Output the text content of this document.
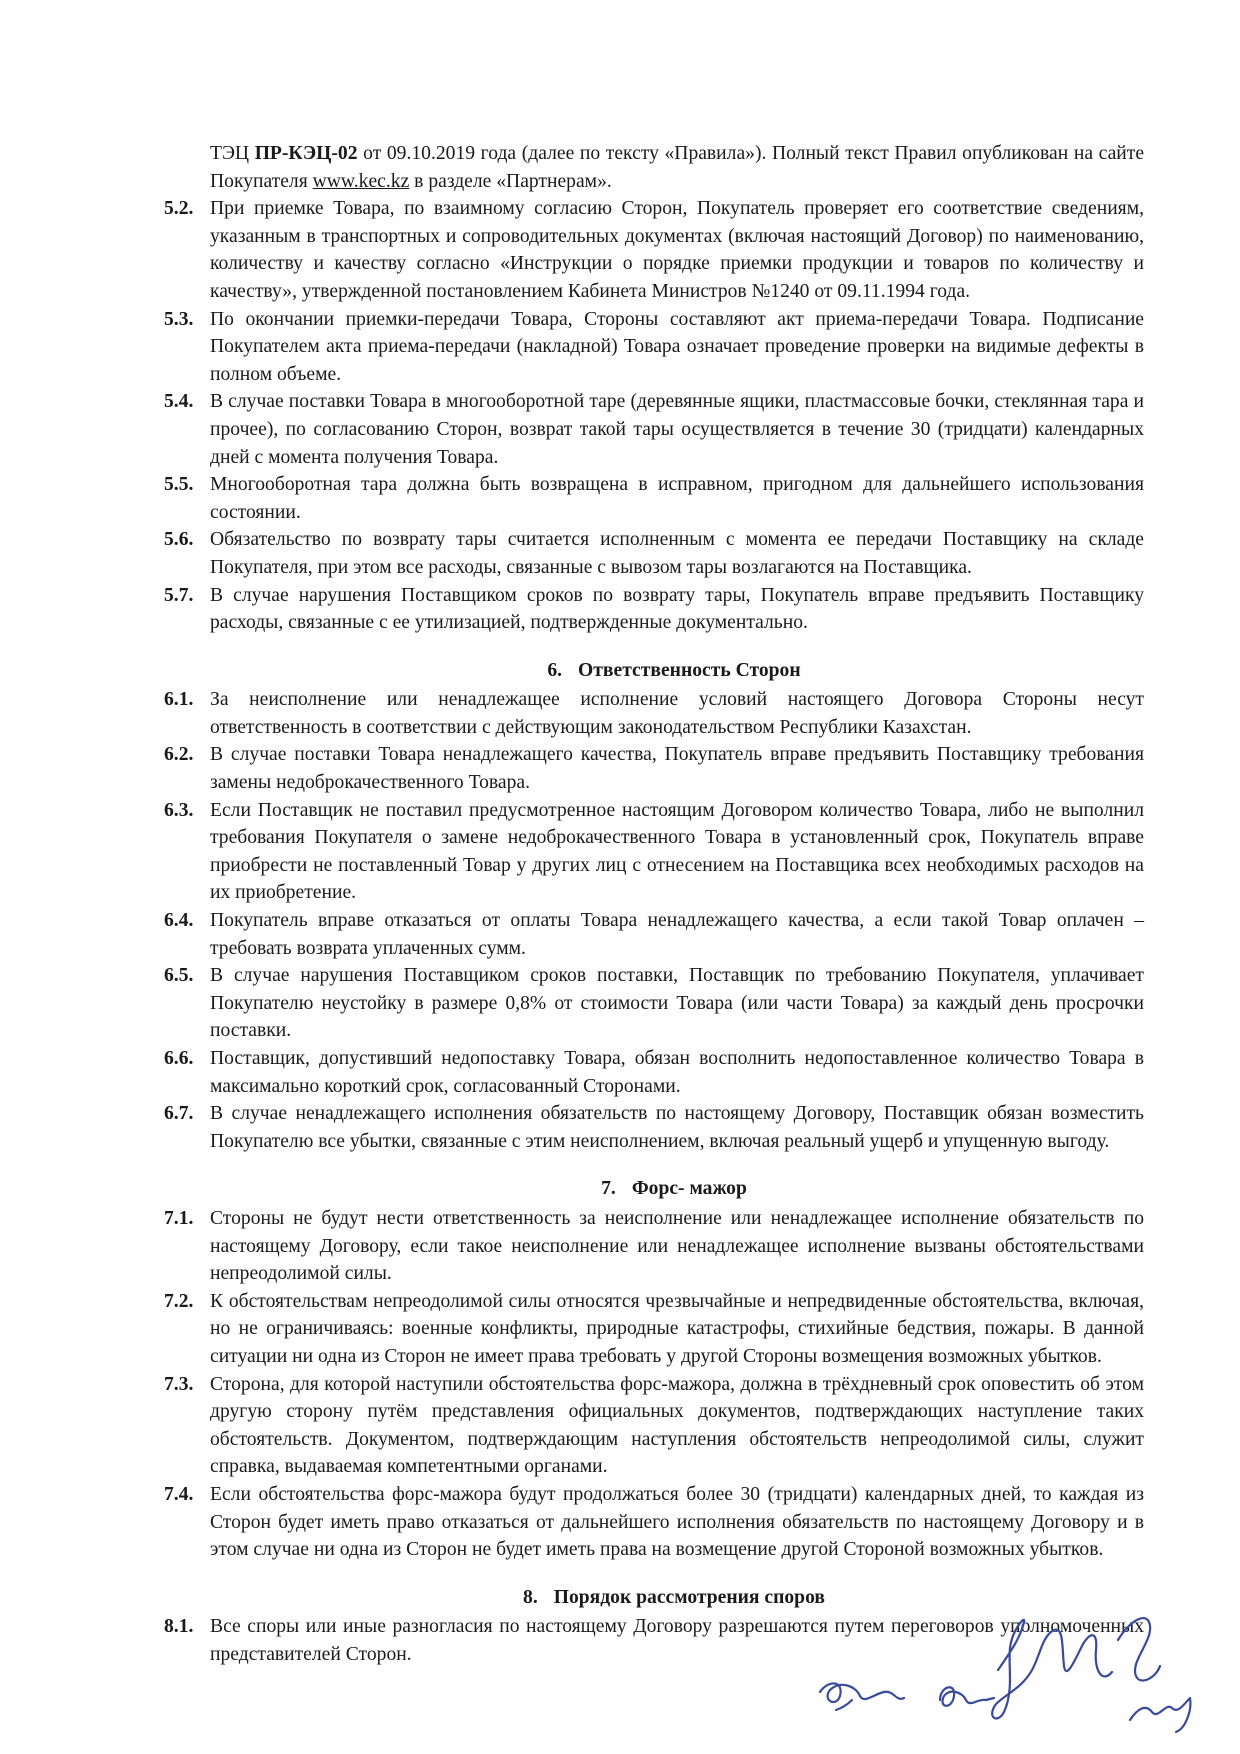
ТЭЦ ПР-КЭЦ-02 от 09.10.2019 года (далее по тексту «Правила»). Полный текст Правил опубликован на сайте Покупателя www.kec.kz в разделе «Партнерам».
5.2. При приемке Товара, по взаимному согласию Сторон, Покупатель проверяет его соответствие сведениям, указанным в транспортных и сопроводительных документах (включая настоящий Договор) по наименованию, количеству и качеству согласно «Инструкции о порядке приемки продукции и товаров по количеству и качеству», утвержденной постановлением Кабинета Министров №1240 от 09.11.1994 года.
5.3. По окончании приемки-передачи Товара, Стороны составляют акт приема-передачи Товара. Подписание Покупателем акта приема-передачи (накладной) Товара означает проведение проверки на видимые дефекты в полном объеме.
5.4. В случае поставки Товара в многооборотной таре (деревянные ящики, пластмассовые бочки, стеклянная тара и прочее), по согласованию Сторон, возврат такой тары осуществляется в течение 30 (тридцати) календарных дней с момента получения Товара.
5.5. Многооборотная тара должна быть возвращена в исправном, пригодном для дальнейшего использования состоянии.
5.6. Обязательство по возврату тары считается исполненным с момента ее передачи Поставщику на складе Покупателя, при этом все расходы, связанные с вывозом тары возлагаются на Поставщика.
5.7. В случае нарушения Поставщиком сроков по возврату тары, Покупатель вправе предъявить Поставщику расходы, связанные с ее утилизацией, подтвержденные документально.
6. Ответственность Сторон
6.1. За неисполнение или ненадлежащее исполнение условий настоящего Договора Стороны несут ответственность в соответствии с действующим законодательством Республики Казахстан.
6.2. В случае поставки Товара ненадлежащего качества, Покупатель вправе предъявить Поставщику требования замены недоброкачественного Товара.
6.3. Если Поставщик не поставил предусмотренное настоящим Договором количество Товара, либо не выполнил требования Покупателя о замене недоброкачественного Товара в установленный срок, Покупатель вправе приобрести не поставленный Товар у других лиц с отнесением на Поставщика всех необходимых расходов на их приобретение.
6.4. Покупатель вправе отказаться от оплаты Товара ненадлежащего качества, а если такой Товар оплачен – требовать возврата уплаченных сумм.
6.5. В случае нарушения Поставщиком сроков поставки, Поставщик по требованию Покупателя, уплачивает Покупателю неустойку в размере 0,8% от стоимости Товара (или части Товара) за каждый день просрочки поставки.
6.6. Поставщик, допустивший недопоставку Товара, обязан восполнить недопоставленное количество Товара в максимально короткий срок, согласованный Сторонами.
6.7. В случае ненадлежащего исполнения обязательств по настоящему Договору, Поставщик обязан возместить Покупателю все убытки, связанные с этим неисполнением, включая реальный ущерб и упущенную выгоду.
7. Форс- мажор
7.1. Стороны не будут нести ответственность за неисполнение или ненадлежащее исполнение обязательств по настоящему Договору, если такое неисполнение или ненадлежащее исполнение вызваны обстоятельствами непреодолимой силы.
7.2. К обстоятельствам непреодолимой силы относятся чрезвычайные и непредвиденные обстоятельства, включая, но не ограничиваясь: военные конфликты, природные катастрофы, стихийные бедствия, пожары. В данной ситуации ни одна из Сторон не имеет права требовать у другой Стороны возмещения возможных убытков.
7.3. Сторона, для которой наступили обстоятельства форс-мажора, должна в трёхдневный срок оповестить об этом другую сторону путём представления официальных документов, подтверждающих наступление таких обстоятельств. Документом, подтверждающим наступления обстоятельств непреодолимой силы, служит справка, выдаваемая компетентными органами.
7.4. Если обстоятельства форс-мажора будут продолжаться более 30 (тридцати) календарных дней, то каждая из Сторон будет иметь право отказаться от дальнейшего исполнения обязательств по настоящему Договору и в этом случае ни одна из Сторон не будет иметь права на возмещение другой Стороной возможных убытков.
8. Порядок рассмотрения споров
8.1. Все споры или иные разногласия по настоящему Договору разрешаются путем переговоров уполномоченных представителей Сторон.
